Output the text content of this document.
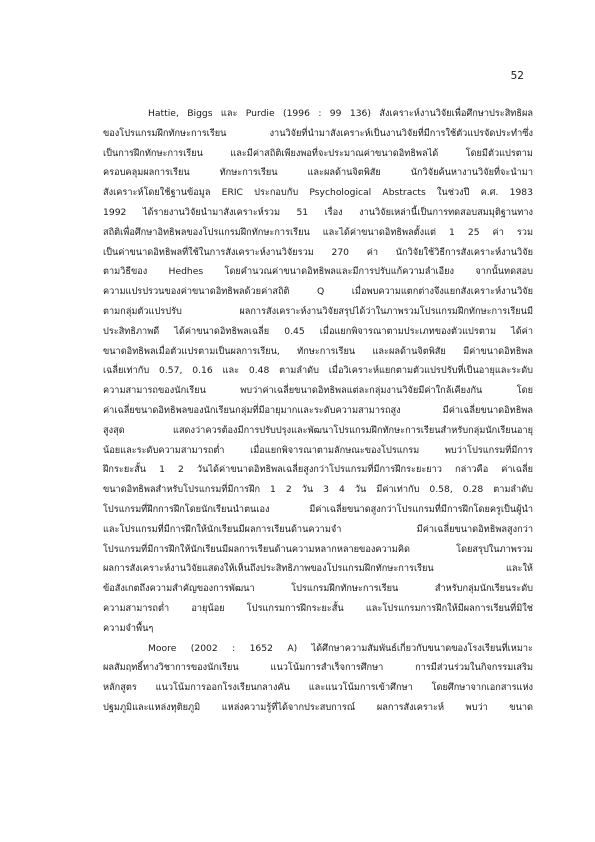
52
Hattie, Biggs และ Purdie (1996 : 99 136) สังเคราะห์งานวิจัยเพื่อศึกษาประสิทธิผล
ของโปรแกรมฝึกทักษะการเรียน งานวิจัยที่นำมาสังเคราะห์เป็นงานวิจัยที่มีการใช้ตัวแปรจัดประทำซึ่ง
เป็นการฝึกทักษะการเรียน และมีค่าสถิติเพียงพอที่จะประมาณค่าขนาดอิทธิพลได้ โดยมีตัวแปรตาม
ครอบคลุมผลการเรียน ทักษะการเรียน และผลด้านจิตพิสัย นักวิจัยค้นหางานวิจัยที่จะนำมา
สังเคราะห์โดยใช้ฐานข้อมูล ERIC ประกอบกับ Psychological Abstracts ในช่วงปี ค.ศ. 1983
1992 ได้รายงานวิจัยนำมาสังเคราะห์รวม 51 เรื่อง งานวิจัยเหล่านี้เป็นการทดสอบสมมุติฐานทาง
สถิติเพื่อศึกษาอิทธิพลของโปรแกรมฝึกทักษะการเรียน และได้ค่าขนาดอิทธิพลตั้งแต่ 1 25 ค่า รวม
เป็นค่าขนาดอิทธิพลที่ใช้ในการสังเคราะห์งานวิจัยรวม 270 ค่า นักวิจัยใช้วิธีการสังเคราะห์งานวิจัย
ตามวิธีของ Hedhes โดยคำนวณค่าขนาดอิทธิพลและมีการปรับแก้ความลำเอียง จากนั้นทดสอบ
ความแปรปรวนของค่าขนาดอิทธิพลด้วยค่าสถิติ Q เมื่อพบความแตกต่างจึงแยกสังเคราะห์งานวิจัย
ตามกลุ่มตัวแปรปรับ ผลการสังเคราะห์งานวิจัยสรุปได้ว่าในภาพรวมโปรแกรมฝึกทักษะการเรียนมี
ประสิทธิภาพดี ได้ค่าขนาดอิทธิพลเฉลี่ย 0.45 เมื่อแยกพิจารณาตามประเภทของตัวแปรตาม ได้ค่า
ขนาดอิทธิพลเมื่อตัวแปรตามเป็นผลการเรียน, ทักษะการเรียน และผลด้านจิตพิสัย มีค่าขนาดอิทธิพล
เฉลี่ยเท่ากับ 0.57, 0.16 และ 0.48 ตามลำดับ เมื่อวิเคราะห์แยกตามตัวแปรปรับที่เป็นอายุและระดับ
ความสามารถของนักเรียน พบว่าค่าเฉลี่ยขนาดอิทธิพลแต่ละกลุ่มงานวิจัยมีค่าใกล้เคียงกัน โดย
ค่าเฉลี่ยขนาดอิทธิพลของนักเรียนกลุ่มที่มีอายุมากและระดับความสามารถสูง มีค่าเฉลี่ยขนาดอิทธิพล
สูงสุด แสดงว่าควรต้องมีการปรับปรุงและพัฒนาโปรแกรมฝึกทักษะการเรียนสำหรับกลุ่มนักเรียนอายุ
น้อยและระดับความสามารถต่ำ เมื่อแยกพิจารณาตามลักษณะของโปรแกรม พบว่าโปรแกรมที่มีการ
ฝึกระยะสั้น 1 2 วันได้ค่าขนาดอิทธิพลเฉลี่ยสูงกว่าโปรแกรมที่มีการฝึกระยะยาว กล่าวคือ ค่าเฉลี่ย
ขนาดอิทธิพลสำหรับโปรแกรมที่มีการฝึก 1 2 วัน 3 4 วัน มีค่าเท่ากับ 0.58, 0.28 ตามลำดับ
โปรแกรมที่ฝึกการฝึกโดยนักเรียนนำตนเอง มีค่าเฉลี่ยขนาดสูงกว่าโปรแกรมที่มีการฝึกโดยครูเป็นผู้นำ
และโปรแกรมที่มีการฝึกให้นักเรียนมีผลการเรียนด้านความจำ มีค่าเฉลี่ยขนาดอิทธิพลสูงกว่า
โปรแกรมที่มีการฝึกให้นักเรียนมีผลการเรียนด้านความหลากหลายของความคิด โดยสรุปในภาพรวม
ผลการสังเคราะห์งานวิจัยแสดงให้เห็นถึงประสิทธิภาพของโปรแกรมฝึกทักษะการเรียน และให้
ข้อสังเกตถึงความสำคัญของการพัฒนา โปรแกรมฝึกทักษะการเรียน สำหรับกลุ่มนักเรียนระดับ
ความสามารถต่ำ อายุน้อย โปรแกรมการฝึกระยะสั้น และโปรแกรมการฝึกให้มีผลการเรียนที่มิใช่
ความจำพื้นๆ
Moore (2002 : 1652 A) ได้ศึกษาความสัมพันธ์เกี่ยวกับขนาดของโรงเรียนที่เหมาะ
ผลสัมฤทธิ์ทางวิชาการของนักเรียน แนวโน้มการสำเร็จการศึกษา การมีส่วนร่วมในกิจกรรมเสริม
หลักสูตร แนวโน้มการออกโรงเรียนกลางคัน และแนวโน้มการเข้าศึกษา โดยศึกษาจากเอกสารแห่ง
ปฐมภูมิและแหล่งทุติยภูมิ แหล่งความรู้ที่ได้จากประสบการณ์ ผลการสังเคราะห์ พบว่า ขนาด
